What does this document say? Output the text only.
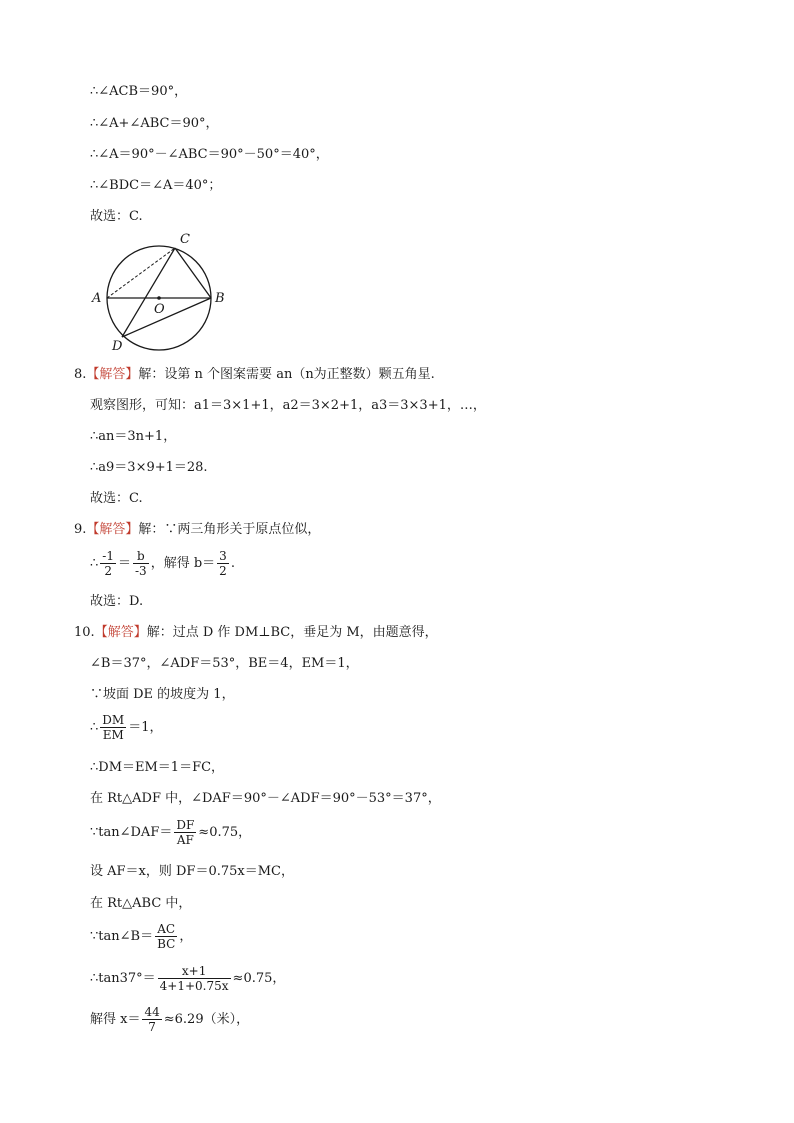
∴∠ACB＝90°，
∴∠A+∠ABC＝90°，
∴∠A＝90°－∠ABC＝90°－50°＝40°，
∴∠BDC＝∠A＝40°；
故选：C.
A	B
C
D
O
8.【解答】解：设第 n 个图案需要 an（n为正整数）颗五角星.
观察图形，可知：a1＝3×1+1，a2＝3×2+1，a3＝3×3+1，…，
∴an＝3n+1，
∴a9＝3×9+1＝28.
故选：C.
9.【解答】解：∵两三角形关于原点位似，
∴ $\frac{-1}{2} = \frac{b}{-3}$ ，解得 $b= \frac{3}{2}$ .
故选：D.
10.【解答】解：过点 D 作 DM⊥BC，垂足为 M，由题意得，
∠B＝37°，∠ADF＝53°，BE＝4，EM＝1，
∵坡面 DE 的坡度为 1，
∴ $\frac{DM}{EM} =1$，
∴DM＝EM＝1＝FC，
在 Rt△ADF 中，∠DAF＝90°－∠ADF＝90°－53°＝37°，
∵tan∠DAF＝ $\frac{DF}{AF} \approx 0.75$，
设 AF＝x，则 DF＝0.75x＝MC，
在 Rt△ABC 中，
∵tan∠B＝ $\frac{AC}{BC}$ ，
∴tan37°＝ $\frac{x+1}{4+1+0.75x} \approx 0.75$，
解得 $x= \frac{44}{7} \approx 6.29$（米），
